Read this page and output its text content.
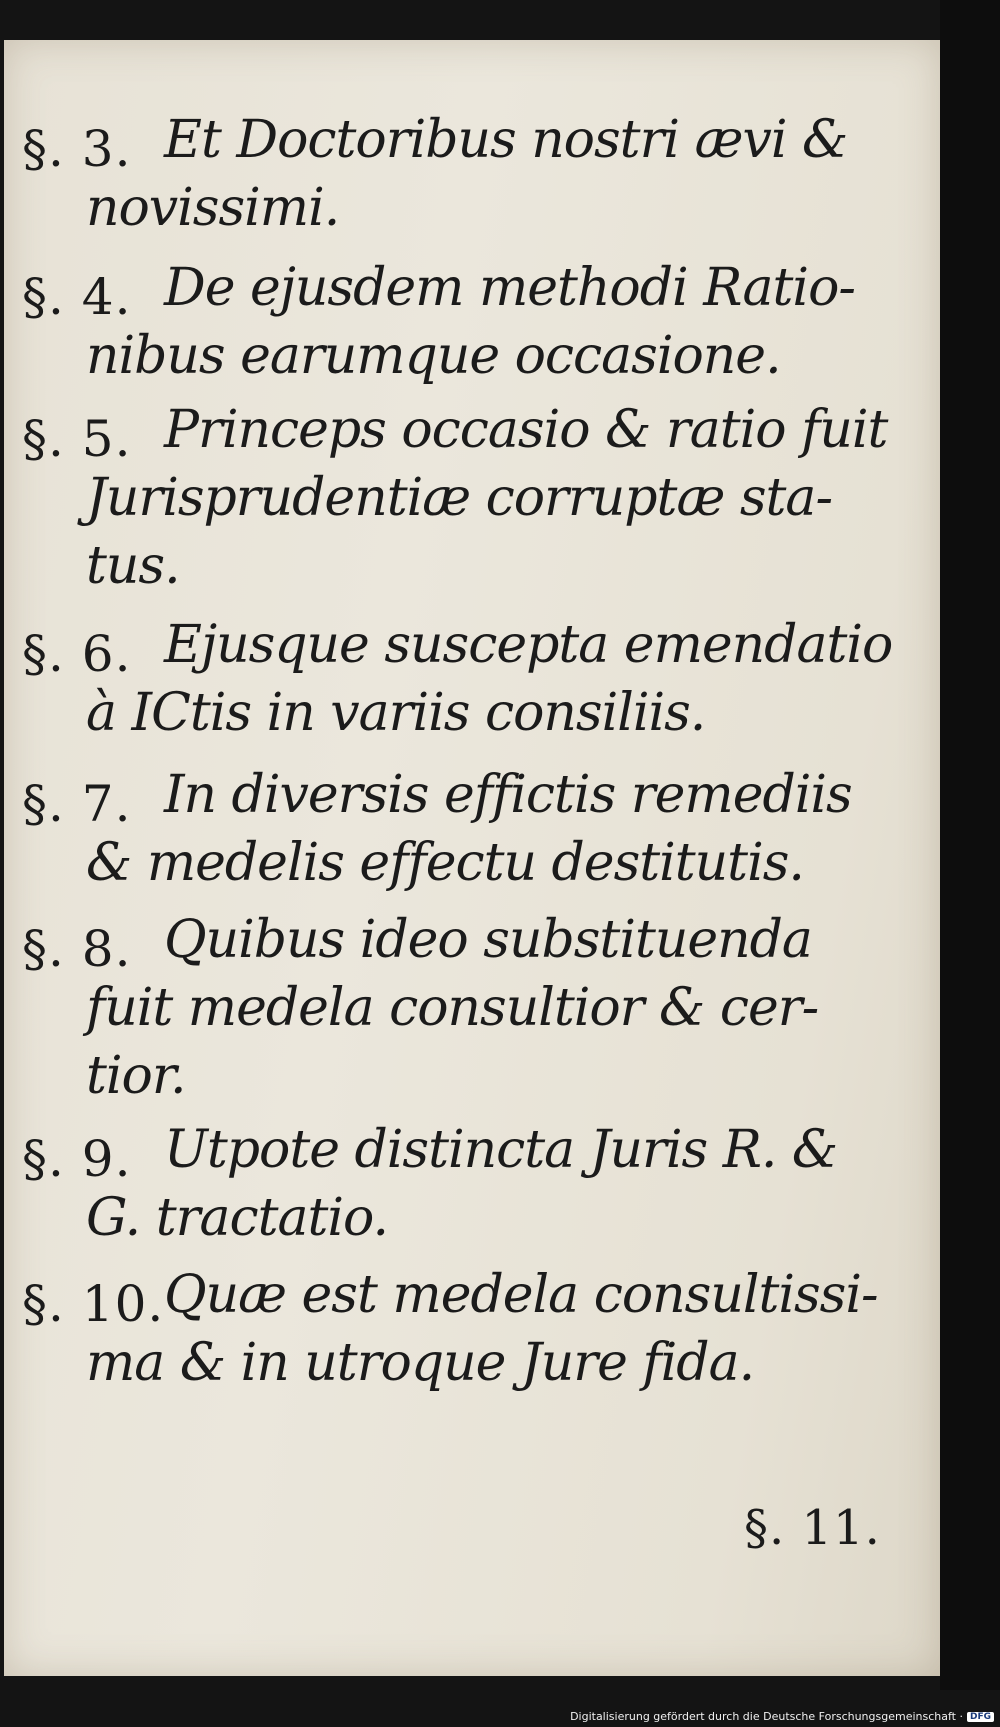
§. 3. Et Doctoribus nostri ævi &
novissimi.
§. 4. De ejusdem methodi Ratio-
nibus earumque occasione.
§. 5. Princeps occasio & ratio fuit
Jurisprudentiæ corruptæ sta-
tus.
§. 6. Ejusque suscepta emendatio
à ICtis in variis consiliis.
§. 7. In diversis effictis remediis
& medelis effectu destitutis.
§. 8. Quibus ideo substituenda
fuit medela consultior & cer-
tior.
§. 9. Utpote distincta Juris R. &
G. tractatio.
§. 10. Quæ est medela consultissi-
ma & in utroque Jure fida.
§. 11.
Digitalisierung gefördert durch die Deutsche Forschungsgemeinschaft · DFG
